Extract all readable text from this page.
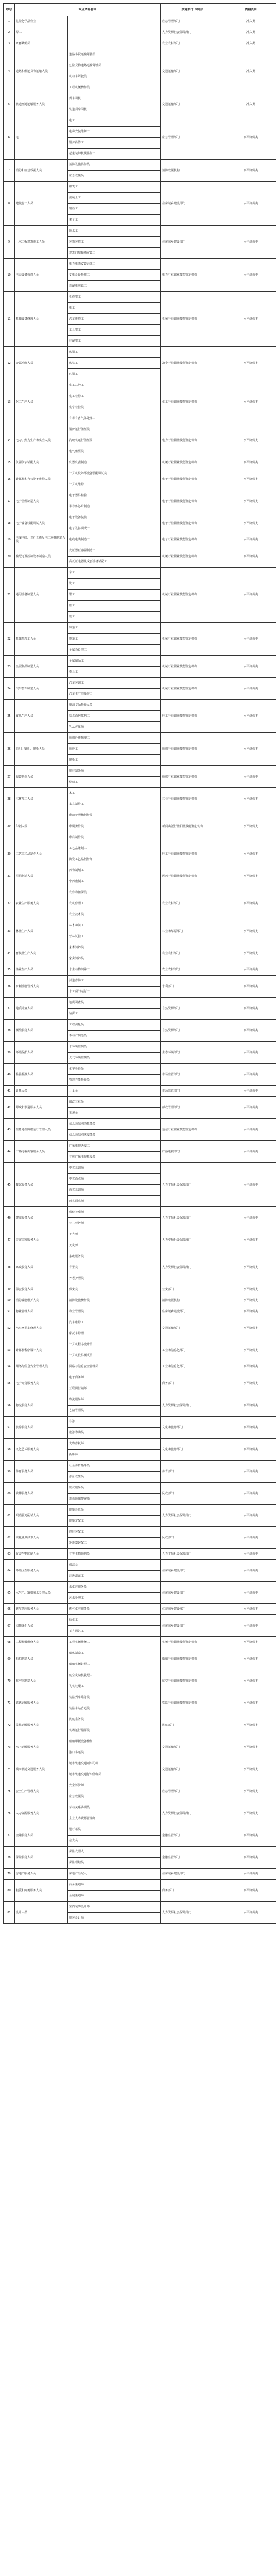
序号	职业资格名称		实施部门（单位）	资格类别
1	危险化学品作业		应急管理部门	准入类
2	焊工		人力资源社会保障部门	准入类
3	家畜繁殖员		农业农村部门	准入类
4	道路和航运货物运输人员	道路客货运输驾驶员	交通运输部门	准入类
		危险货物道路运输驾驶员		
		机动车驾驶员		
		工程机械操作员		
5	轨道交通运输服务人员	列车司机	交通运输部门	准入类
		轨道列车司机		
6	电工	电工	应急管理部门	水平评价类
		电梯安装维修工		
		锅炉操作工		
		起重装卸机械操作工		
7	消防和应急救援人员	消防设施操作员	消防救援机构	水平评价类
		应急救援员		
8	建筑施工人员	砌筑工	住房城乡建设部门	水平评价类
		混凝土工		
		钢筋工		
		架子工		
9	土木工程建筑施工人员	防水工	住房城乡建设部门	水平评价类
		装饰装修工		
		建筑门窗幕墙安装工		
10	电力设备检修人员	电力电缆安装运维工	电力行业职业技能鉴定机构	水平评价类
		变电设备检修工		
		送配电线路工		
11	机械设备修理人员	机修钳工	机械行业职业技能鉴定机构	水平评价类
		电工		
		汽车维修工		
		工具钳工		
		装配钳工		
12	金属冶炼人员	炼钢工	冶金行业职业技能鉴定机构	水平评价类
		炼铁工		
		轧钢工		
13	化工生产人员	化工总控工	化工行业职业技能鉴定机构	水平评价类
		化工检修工		
		化学检验员		
		有毒有害气体处理工		
14	电力、热力生产和供应人员	锅炉运行值班员	电力行业职业技能鉴定机构	水平评价类
		汽轮机运行值班员		
		电气值班员		
15	仪器仪表装配人员	仪器仪表制造工	机械行业职业技能鉴定机构	水平评价类
16	计算机和办公设备维修人员	计算机及外部设备装配调试员	电子行业职业技能鉴定机构	水平评价类
		计算机维修工		
17	电子器件制造人员	电子器件检验工	电子行业职业技能鉴定机构	水平评价类
		半导体芯片制造工		
18	电子设备装配调试人员	电子设备装接工	电子行业职业技能鉴定机构	水平评价类
		电子设备调试工		
19	电线电缆、光纤光缆及电工器材制造人员	电线电缆制造工	电子行业职业技能鉴定机构	水平评价类
20	输配电及控制设备制造人员	变压器互感器制造工	机械行业职业技能鉴定机构	水平评价类
		高低压电器及成套设备装配工		
21	通用设备制造人员	车工	机械行业职业技能鉴定机构	水平评价类
		铣工		
		钳工		
		磨工		
		镗工		
22	机械热加工人员	铸造工	机械行业职业技能鉴定机构	水平评价类
		锻造工		
		金属热处理工		
23	金属制品制造人员	金属制品工	机械行业职业技能鉴定机构	水平评价类
		模具工		
24	汽车整车制造人员	汽车装调工	机械行业职业技能鉴定机构	水平评价类
		汽车生产线操作工		
25	食品生产人员	粮油食品检验人员	轻工行业职业技能鉴定机构	水平评价类
		糕点面包烘焙工		
		乳品评鉴师		
26	纺织、针织、印染人员	纺织纤维梳理工	纺织行业职业技能鉴定机构	水平评价类
		纺纱工		
		印染工		
27	服装制作人员	服装制版师	纺织行业职业技能鉴定机构	水平评价类
		缝纫工		
28	木材加工人员	木工	林业行业职业技能鉴定机构	水平评价类
		家具制作工		
29	印刷人员	印前处理和制作员	新闻出版行业职业技能鉴定机构	水平评价类
		印刷操作员		
		印后制作员		
30	工艺美术品制作人员	工艺品雕刻工	轻工行业职业技能鉴定机构	水平评价类
		陶瓷工艺品制作师		
31	医药制造人员	药物制剂工	医药行业职业技能鉴定机构	水平评价类
		中药炮制工		
32	农业生产服务人员	农作物植保员	农业农村部门	水平评价类
		农机修理工		
		农业技术员		
33	林业生产人员	林木种苗工	林业和草原部门	水平评价类
		营林试验工		
34	畜牧业生产人员	家畜饲养员	农业农村部门	水平评价类
		家禽饲养员		
35	渔业生产人员	水生动物饲养工	农业农村部门	水平评价类
36	水利设施管养人员	河道修防工	水利部门	水平评价类
		水工闸门运行工		
37	地质勘查人员	地质调查员	自然资源部门	水平评价类
		钻探工		
38	测绘服务人员	工程测量员	自然资源部门	水平评价类
		不动产测绘员		
39	环境保护人员	水环境监测员	生态环境部门	水平评价类
		大气环境监测员		
40	检验检测人员	化学检验员	市场监管部门	水平评价类
		物理性能检验员		
41	计量人员	计量员	市场监管部门	水平评价类
42	邮政和快递服务人员	邮政营业员	邮政管理部门	水平评价类
		快递员		
43	信息通信网络运行管理人员	信息通信网络机务员	通信行业职业技能鉴定机构	水平评价类
		信息通信网络线务员		
44	广播电视传输服务人员	广播电视天线工	广播电视部门	水平评价类
		有线广播电视机线员		
45	餐饮服务人员	中式烹调师	人力资源社会保障部门	水平评价类
		中式面点师		
		西式烹调师		
		西式面点师		
46	健康服务人员	保健按摩师	人力资源社会保障部门	水平评价类
		公共营养师		
47	美容美发服务人员	美容师	人力资源社会保障部门	水平评价类
		美发师		
48	家政服务人员	家政服务员	人力资源社会保障部门	水平评价类
		育婴员		
		养老护理员		
49	保安服务人员	保安员	公安部门	水平评价类
50	消防设施维护人员	消防设施操作员	消防救援机构	水平评价类
51	物业管理人员	物业管理员	住房城乡建设部门	水平评价类
52	汽车摩托车修理人员	汽车维修工	交通运输部门	水平评价类
		摩托车修理工		
53	计算机程序设计人员	计算机程序设计员	工业和信息化部门	水平评价类
		计算机软件测试员		
54	网络与信息安全管理人员	网络与信息安全管理员	工业和信息化部门	水平评价类
55	电子商务服务人员	电子商务师	商务部门	水平评价类
		互联网营销师		
56	物流服务人员	物流服务师	人力资源社会保障部门	水平评价类
		仓储管理员		
57	旅游服务人员	导游	文化和旅游部门	水平评价类
		旅游咨询员		
58	文化艺术服务人员	文物修复师	文化和旅游部门	水平评价类
		摄影师		
59	体育服务人员	社会体育指导员	体育部门	水平评价类
		游泳救生员		
60	殡葬服务人员	殡仪服务员	民政部门	水平评价类
		遗体防腐整容师		
61	眼镜验光配装人员	眼镜验光员	人力资源社会保障部门	水平评价类
		眼镜定配工		
62	康复辅具技术人员	假肢装配工	民政部门	水平评价类
		矫形器装配工		
63	有害生物防制人员	有害生物防制员	人力资源社会保障部门	水平评价类
64	环境卫生服务人员	保洁员	住房城乡建设部门	水平评价类
		垃圾清运工		
65	水生产、输排和水处理人员	水供应服务员	住房城乡建设部门	水平评价类
		污水处理工		
66	燃气供应服务人员	燃气供应服务员	住房城乡建设部门	水平评价类
67	园林绿化人员	绿化工	住房城乡建设部门	水平评价类
		花卉园艺工		
68	工程机械维修人员	工程机械维修工	机械行业职业技能鉴定机构	水平评价类
69	船舶制造人员	船体制造工	船舶行业职业技能鉴定机构	水平评价类
		船舶机械装配工		
70	航空器制造人员	航空发动机装配工	航空行业职业技能鉴定机构	水平评价类
		飞机装配工		
71	铁路运输服务人员	铁路列车乘务员	铁路行业职业技能鉴定机构	水平评价类
		铁路车站客运员		
72	民航运输服务人员	民航乘务员	民航部门	水平评价类
		机场运行指挥员		
73	水上运输服务人员	船舶甲板设备操作工	交通运输部门	水平评价类
		港口客运员		
74	城市轨道交通服务人员	城市轨道交通列车司机	交通运输部门	水平评价类
		城市轨道交通行车值班员		
75	安全生产管理人员	安全评价师	应急管理部门	水平评价类
		应急救援员		
76	人力资源服务人员	劳动关系协调员	人力资源社会保障部门	水平评价类
		企业人力资源管理师		
77	金融服务人员	银行柜员	金融监管部门	水平评价类
		信贷员		
78	保险服务人员	保险代理人	金融监管部门	水平评价类
		保险理赔员		
79	房地产服务人员	房地产经纪人	住房城乡建设部门	水平评价类
80	租赁和商务服务人员	商务策划师	商务部门	水平评价类
		会展策划师		
81	设计人员	室内装饰设计师	人力资源社会保障部门	水平评价类
		服装设计师		
